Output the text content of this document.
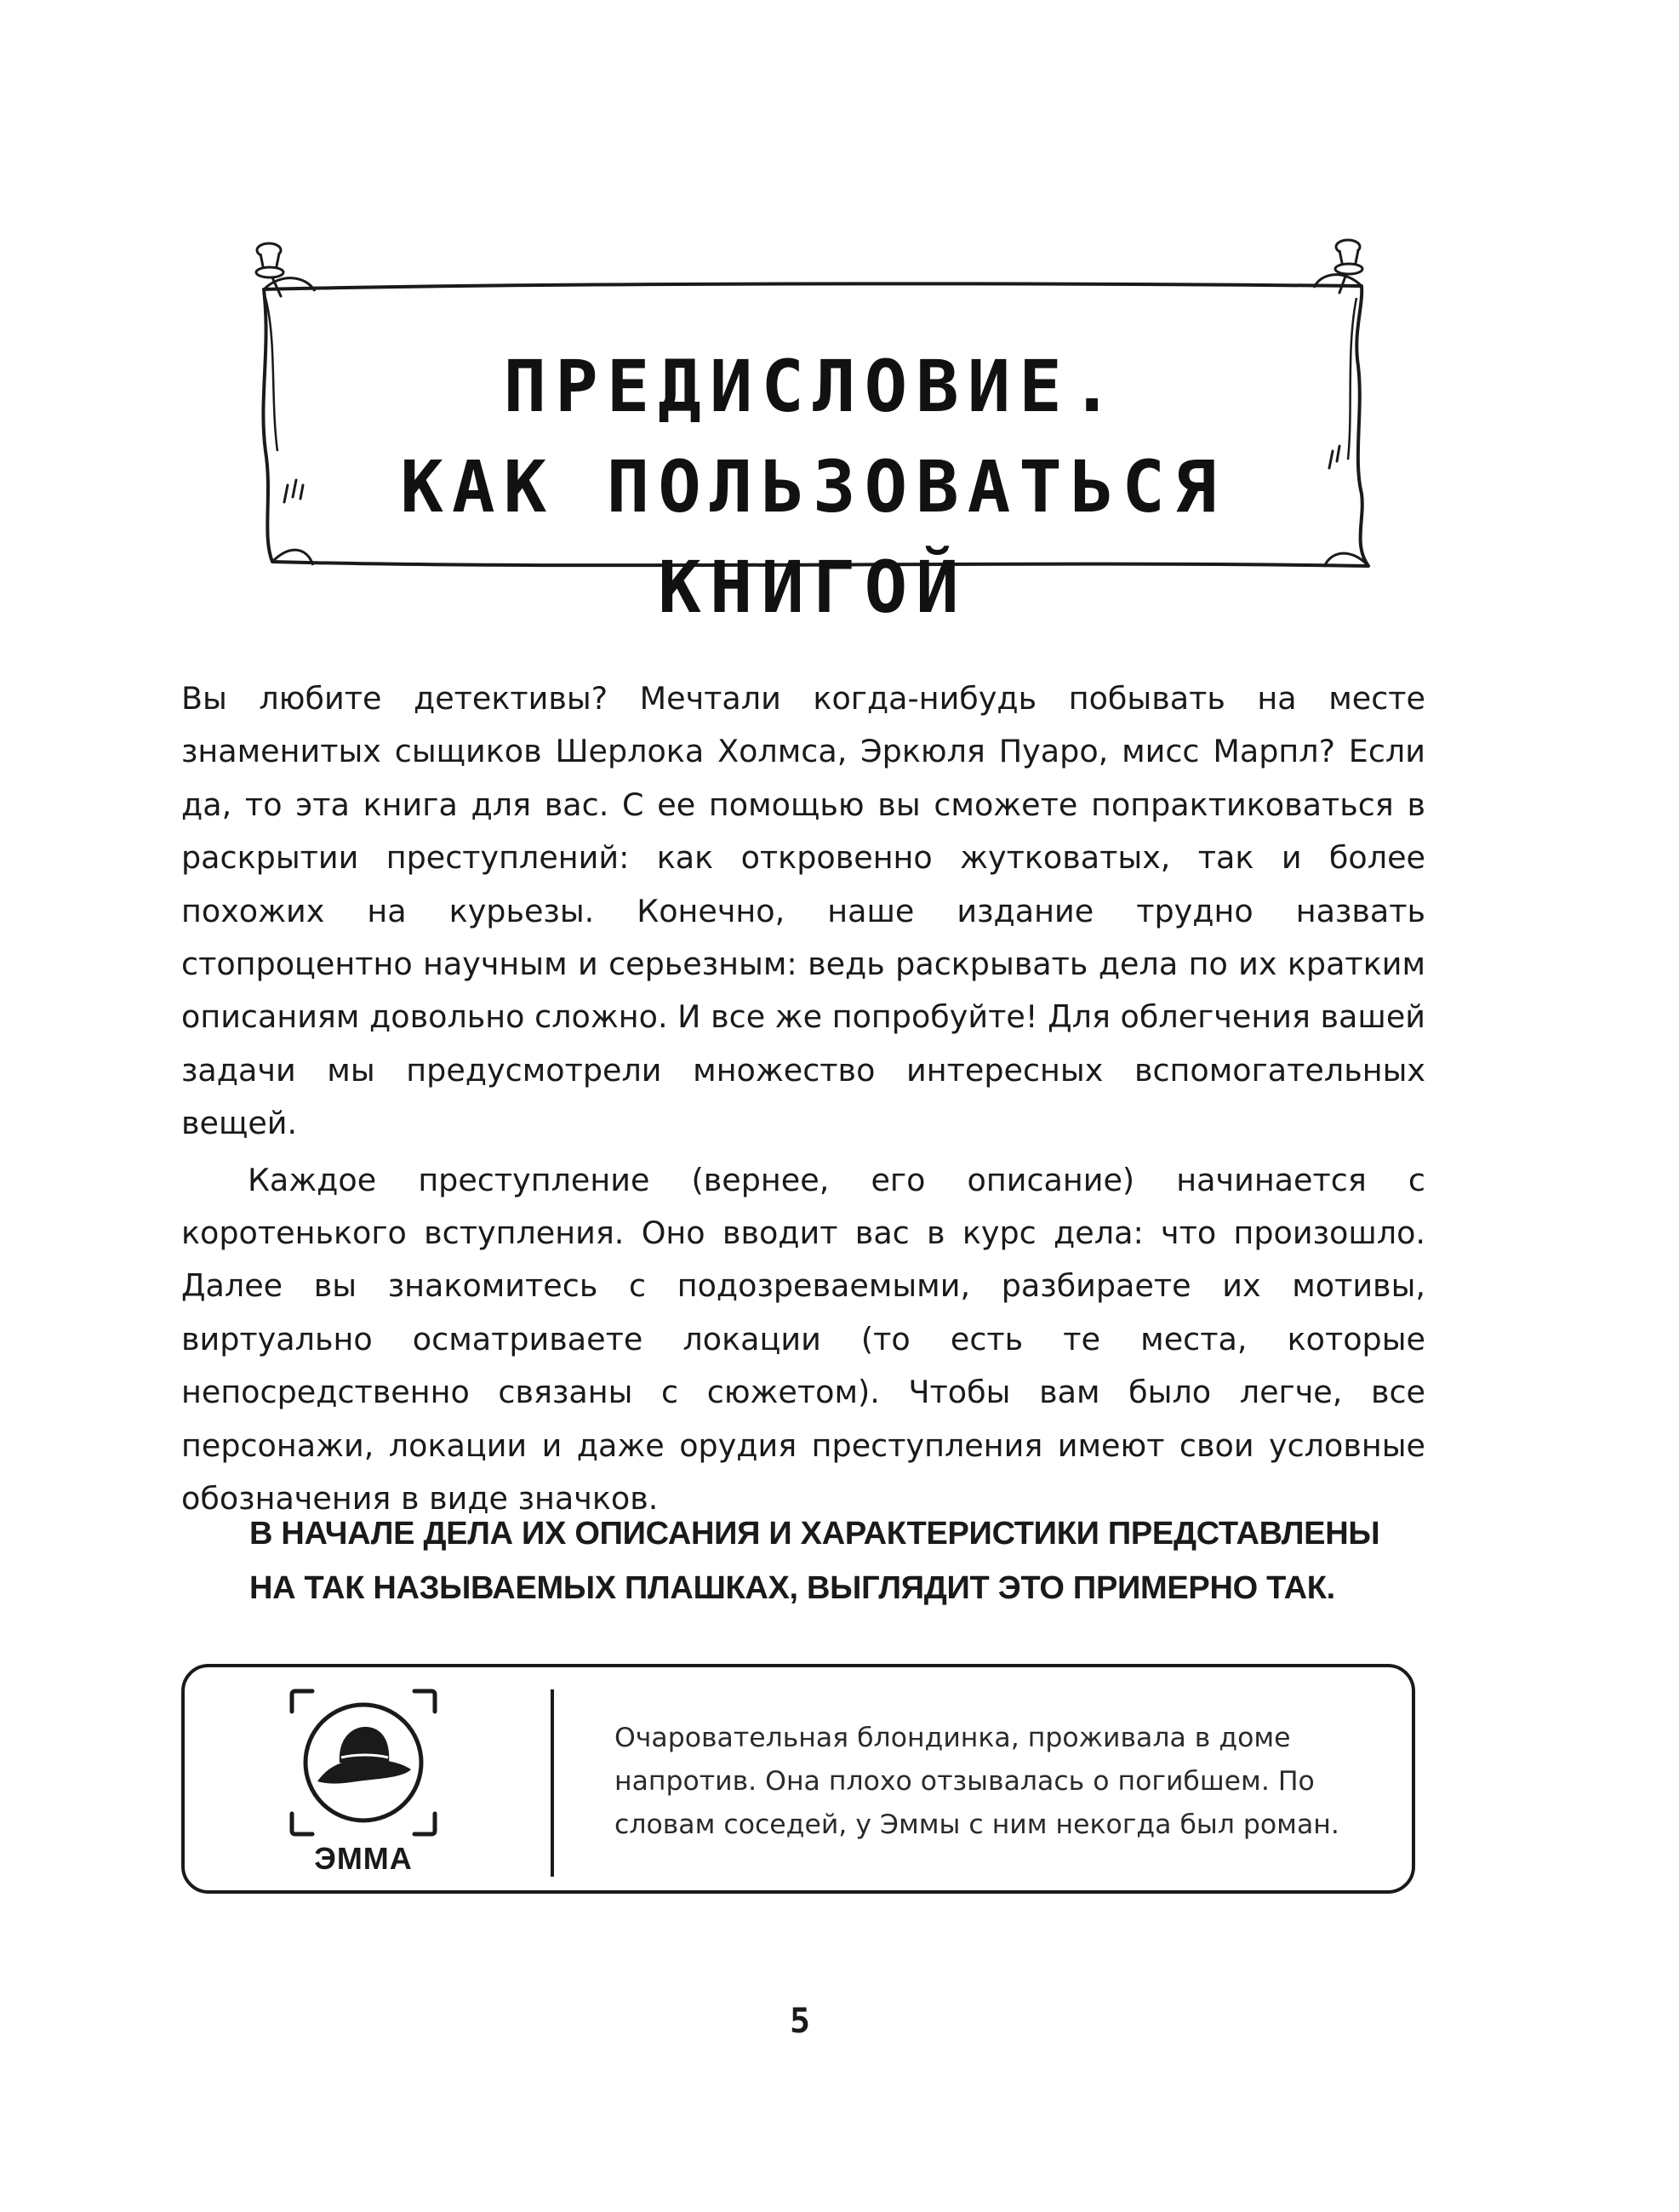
ПРЕДИСЛОВИЕ.
КАК ПОЛЬЗОВАТЬСЯ КНИГОЙ

Вы любите детективы? Мечтали когда-нибудь побывать на месте знаменитых сыщиков Шерлока Холмса, Эркюля Пуаро, мисс Марпл? Если да, то эта книга для вас. С ее помощью вы сможете попрактиковаться в раскрытии преступлений: как откровенно жутковатых, так и более похожих на курьезы. Конечно, наше издание трудно назвать стопроцентно научным и серьезным: ведь раскрывать дела по их кратким описаниям довольно сложно. И все же попробуйте! Для облегчения вашей задачи мы предусмотрели множество интересных вспомогательных вещей.

Каждое преступление (вернее, его описание) начинается с коротенького вступления. Оно вводит вас в курс дела: что произошло. Далее вы знакомитесь с подозреваемыми, разбираете их мотивы, виртуально осматриваете локации (то есть те места, которые непосредственно связаны с сюжетом). Чтобы вам было легче, все персонажи, локации и даже орудия преступления имеют свои условные обозначения в виде значков.

В НАЧАЛЕ ДЕЛА ИХ ОПИСАНИЯ И ХАРАКТЕРИСТИКИ ПРЕДСТАВЛЕНЫ
НА ТАК НАЗЫВАЕМЫХ ПЛАШКАХ, ВЫГЛЯДИТ ЭТО ПРИМЕРНО ТАК.
ЭММА
Очаровательная блондинка, проживала в доме напротив. Она плохо отзывалась о погибшем. По словам соседей, у Эммы с ним некогда был роман.
5
